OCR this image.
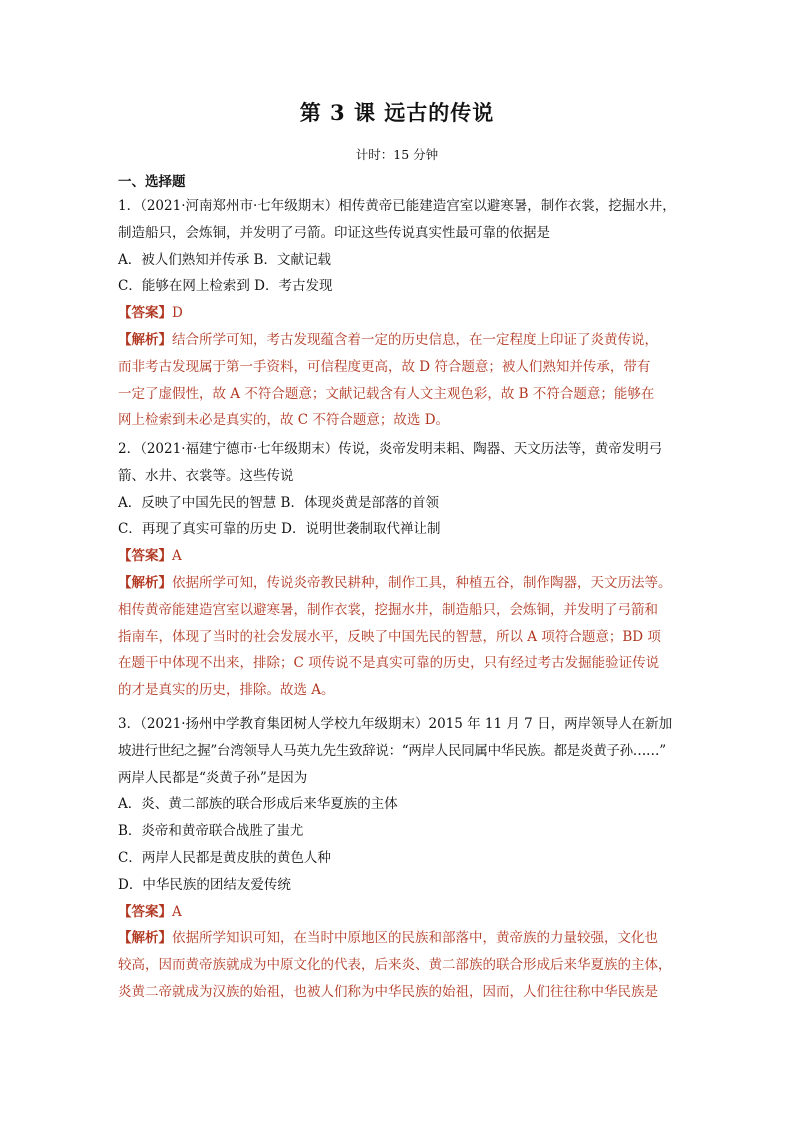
第 3 课 远古的传说
计时：15 分钟
一、选择题
1．（2021·河南郑州市·七年级期末）相传黄帝已能建造宫室以避寒暑，制作衣裳，挖掘水井，
制造船只，会炼铜，并发明了弓箭。印证这些传说真实性最可靠的依据是
A．被人们熟知并传承 B．文献记载
C．能够在网上检索到 D．考古发现
【答案】D
【解析】结合所学可知，考古发现蕴含着一定的历史信息，在一定程度上印证了炎黄传说，
而非考古发现属于第一手资料，可信程度更高，故 D 符合题意；被人们熟知并传承，带有
一定了虚假性，故 A 不符合题意；文献记载含有人文主观色彩，故 B 不符合题意；能够在
网上检索到未必是真实的，故 C 不符合题意；故选 D。
2．（2021·福建宁德市·七年级期末）传说，炎帝发明耒耜、陶器、天文历法等，黄帝发明弓
箭、水井、衣裳等。这些传说
A．反映了中国先民的智慧 B．体现炎黄是部落的首领
C．再现了真实可靠的历史 D．说明世袭制取代禅让制
【答案】A
【解析】依据所学可知，传说炎帝教民耕种，制作工具，种植五谷，制作陶器，天文历法等。
相传黄帝能建造宫室以避寒暑，制作衣裳，挖掘水井，制造船只，会炼铜，并发明了弓箭和
指南车，体现了当时的社会发展水平，反映了中国先民的智慧，所以 A 项符合题意；BD 项
在题干中体现不出来，排除；C 项传说不是真实可靠的历史，只有经过考古发掘能验证传说
的才是真实的历史，排除。故选 A。
3．（2021·扬州中学教育集团树人学校九年级期末）2015 年 11 月 7 日，两岸领导人在新加
坡进行世纪之握”台湾领导人马英九先生致辞说：“两岸人民同属中华民族。都是炎黄子孙……”
两岸人民都是“炎黄子孙”是因为
A．炎、黄二部族的联合形成后来华夏族的主体
B．炎帝和黄帝联合战胜了蚩尤
C．两岸人民都是黄皮肤的黄色人种
D．中华民族的团结友爱传统
【答案】A
【解析】依据所学知识可知，在当时中原地区的民族和部落中，黄帝族的力量较强，文化也
较高，因而黄帝族就成为中原文化的代表，后来炎、黄二部族的联合形成后来华夏族的主体，
炎黄二帝就成为汉族的始祖，也被人们称为中华民族的始祖，因而，人们往往称中华民族是
